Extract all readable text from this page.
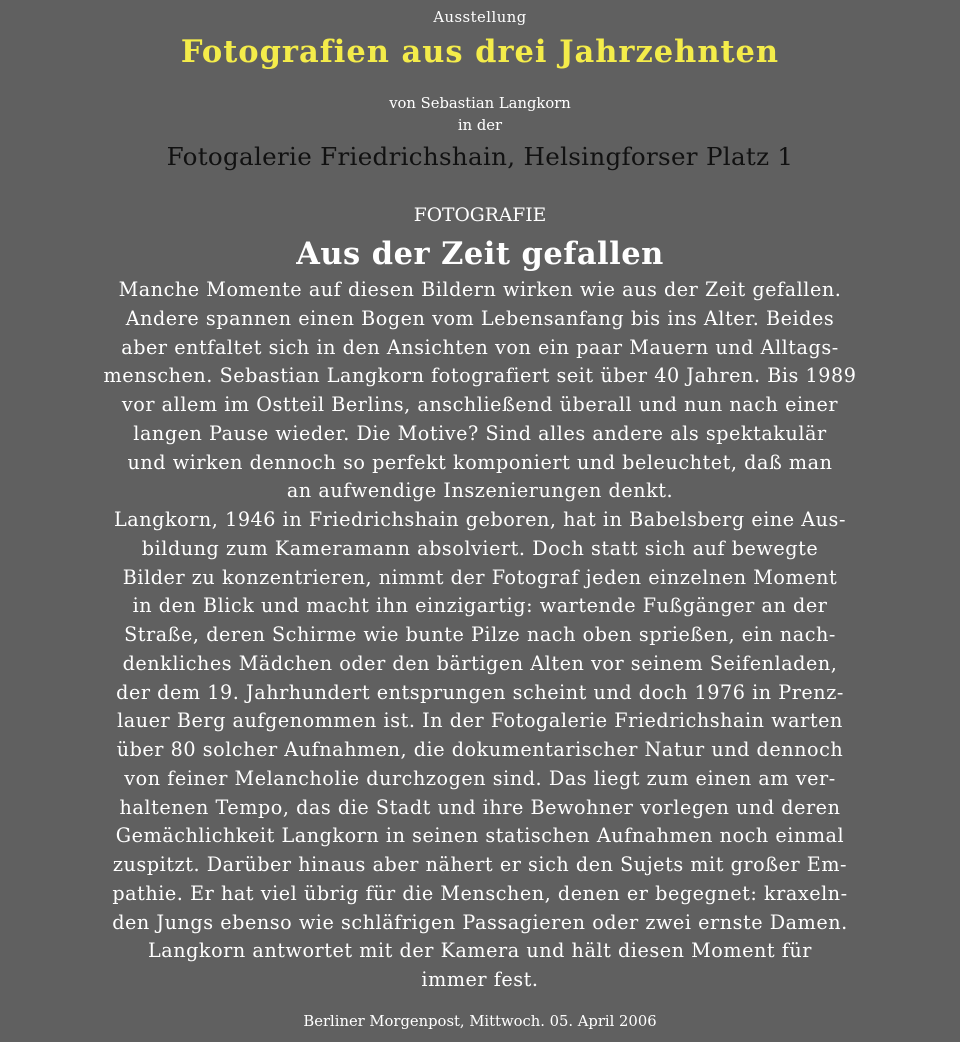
Ausstellung

Fotografien aus drei Jahrzehnten

von Sebastian Langkorn

in der

Fotogalerie Friedrichshain, Helsingforser Platz 1

FOTOGRAFIE

Aus der Zeit gefallen
Manche Momente auf diesen Bildern wirken wie aus der Zeit gefallen.
Andere spannen einen Bogen vom Lebensanfang bis ins Alter. Beides
aber entfaltet sich in den Ansichten von ein paar Mauern und Alltags-
menschen. Sebastian Langkorn fotografiert seit über 40 Jahren. Bis 1989
vor allem im Ostteil Berlins, anschließend überall und nun nach einer
langen Pause wieder. Die Motive? Sind alles andere als spektakulär
und wirken dennoch so perfekt komponiert und beleuchtet, daß man
an aufwendige Inszenierungen denkt.
Langkorn, 1946 in Friedrichshain geboren, hat in Babelsberg eine Aus-
bildung zum Kameramann absolviert. Doch statt sich auf bewegte
Bilder zu konzentrieren, nimmt der Fotograf jeden einzelnen Moment
in den Blick und macht ihn einzigartig: wartende Fußgänger an der
Straße, deren Schirme wie bunte Pilze nach oben sprießen, ein nach-
denkliches Mädchen oder den bärtigen Alten vor seinem Seifenladen,
der dem 19. Jahrhundert entsprungen scheint und doch 1976 in Prenz-
lauer Berg aufgenommen ist. In der Fotogalerie Friedrichshain warten
über 80 solcher Aufnahmen, die dokumentarischer Natur und dennoch
von feiner Melancholie durchzogen sind. Das liegt zum einen am ver-
haltenen Tempo, das die Stadt und ihre Bewohner vorlegen und deren
Gemächlichkeit Langkorn in seinen statischen Aufnahmen noch einmal
zuspitzt. Darüber hinaus aber nähert er sich den Sujets mit großer Em-
pathie. Er hat viel übrig für die Menschen, denen er begegnet: kraxeln-
den Jungs ebenso wie schläfrigen Passagieren oder zwei ernste Damen.
Langkorn antwortet mit der Kamera und hält diesen Moment für
immer fest.

Berliner Morgenpost, Mittwoch. 05. April 2006
